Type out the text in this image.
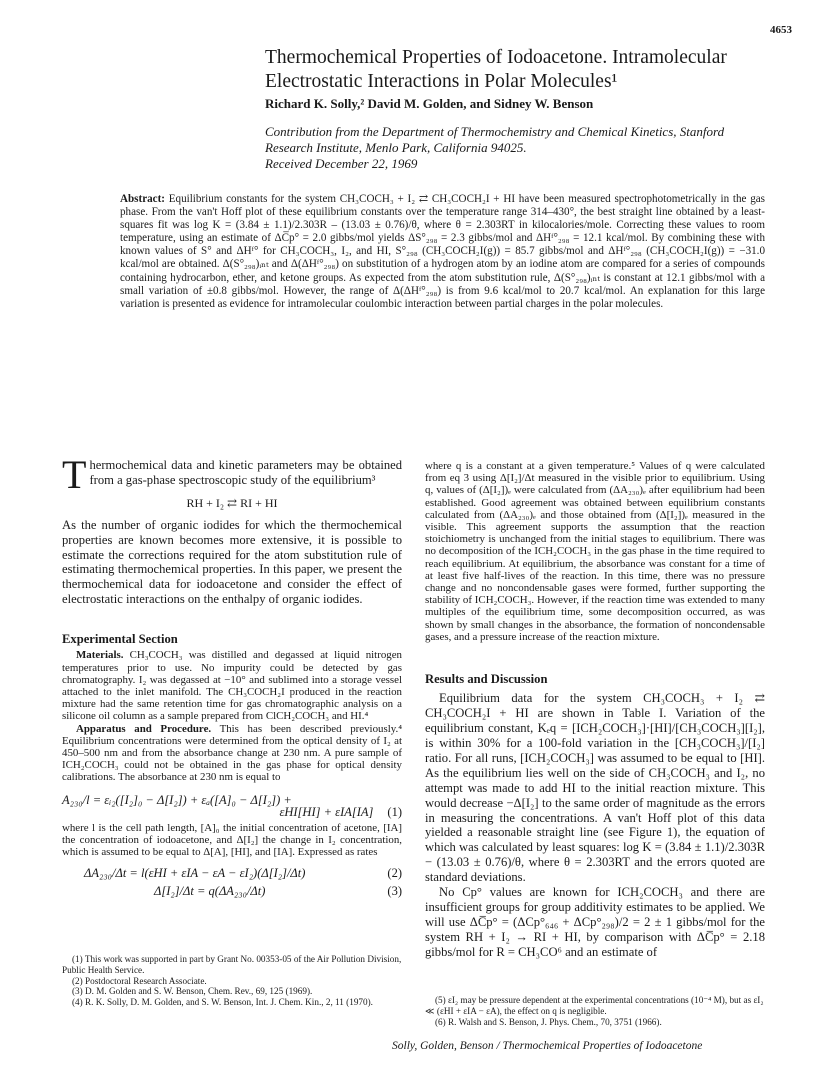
4653
Thermochemical Properties of Iodoacetone. Intramolecular Electrostatic Interactions in Polar Molecules¹
Richard K. Solly,² David M. Golden, and Sidney W. Benson
Contribution from the Department of Thermochemistry and Chemical Kinetics, Stanford Research Institute, Menlo Park, California 94025.
Received December 22, 1969
Abstract: Equilibrium constants for the system CH₃COCH₃ + I₂ ⇄ CH₃COCH₂I + HI have been measured spectrophotometrically in the gas phase. From the van't Hoff plot of these equilibrium constants over the temperature range 314–430°, the best straight line obtained by a least-squares fit was log K = (3.84 ± 1.1)/2.303R – (13.03 ± 0.76)/θ, where θ = 2.303RT in kilocalories/mole. Correcting these values to room temperature, using an estimate of ΔC̅p° = 2.0 gibbs/mol yields ΔS°₂₉₈ = 2.3 gibbs/mol and ΔHᶠ°₂₉₈ = 12.1 kcal/mol. By combining these with known values of S° and ΔHᶠ° for CH₃COCH₃, I₂, and HI, S°₂₉₈ (CH₃COCH₂I(g)) = 85.7 gibbs/mol and ΔHᶠ°₂₉₈ (CH₃COCH₂I(g)) = −31.0 kcal/mol are obtained. Δ(S°₂₉₈)ᵢₙₜ and Δ(ΔHᶠ°₂₉₈) on substitution of a hydrogen atom by an iodine atom are compared for a series of compounds containing hydrocarbon, ether, and ketone groups. As expected from the atom substitution rule, Δ(S°₂₉₈)ᵢₙₜ is constant at 12.1 gibbs/mol with a small variation of ±0.8 gibbs/mol. However, the range of Δ(ΔHᶠ°₂₉₈) is from 9.6 kcal/mol to 20.7 kcal/mol. An explanation for this large variation is presented as evidence for intramolecular coulombic interaction between partial charges in the polar molecules.
T hermochemical data and kinetic parameters may be obtained from a gas-phase spectroscopic study of the equilibrium³
RH + I₂ ⇄ RI + HI

As the number of organic iodides for which the thermochemical properties are known becomes more extensive, it is possible to estimate the corrections required for the atom substitution rule of estimating thermochemical properties. In this paper, we present the thermochemical data for iodoacetone and consider the effect of electrostatic interactions on the enthalpy of organic iodides.

Experimental Section

Materials. CH₃COCH₃ was distilled and degassed at liquid nitrogen temperatures prior to use. No impurity could be detected by gas chromatography. I₂ was degassed at −10° and sublimed into a storage vessel attached to the inlet manifold. The CH₃COCH₂I produced in the reaction mixture had the same retention time for gas chromatographic analysis on a silicone oil column as a sample prepared from ClCH₂COCH₃ and HI.⁴

Apparatus and Procedure. This has been described previously.⁴ Equilibrium concentrations were determined from the optical density of I₂ at 450–500 nm and from the absorbance change at 230 nm. A pure sample of ICH₂COCH₃ could not be obtained in the gas phase for optical density calibrations. The absorbance at 230 nm is equal to

A₂₃₀/l = εᵢ₂([I₂]₀ − Δ[I₂]) + εₐ([A]₀ − Δ[I₂]) +
εHI[HI] + εIA[IA] (1)

where l is the cell path length, [A]₀ the initial concentration of acetone, [IA] the concentration of iodoacetone, and Δ[I₂] the change in I₂ concentration, which is assumed to be equal to Δ[A], [HI], and [IA]. Expressed as rates

ΔA₂₃₀/Δt = l(εHI + εIA − εA − εI₂)(Δ[I₂]/Δt)	(2)
Δ[I₂]/Δt = q(ΔA₂₃₀/Δt)	(3)
(1) This work was supported in part by Grant No. 00353-05 of the Air Pollution Division, Public Health Service.
(2) Postdoctoral Research Associate.
(3) D. M. Golden and S. W. Benson, Chem. Rev., 69, 125 (1969).
(4) R. K. Solly, D. M. Golden, and S. W. Benson, Int. J. Chem. Kin., 2, 11 (1970).

where q is a constant at a given temperature.⁵ Values of q were calculated from eq 3 using Δ[I₂]/Δt measured in the visible prior to equilibrium. Using q, values of (Δ[I₂])ₑ were calculated from (ΔA₂₃₀)ₑ after equilibrium had been established. Good agreement was obtained between equilibrium constants calculated from (ΔA₂₃₀)ₑ and those obtained from (Δ[I₂])ₑ measured in the visible. This agreement supports the assumption that the reaction stoichiometry is unchanged from the initial stages to equilibrium. There was no decomposition of the ICH₂COCH₃ in the gas phase in the time required to reach equilibrium. At equilibrium, the absorbance was constant for a time of at least five half-lives of the reaction. In this time, there was no pressure change and no noncondensable gases were formed, further supporting the stability of ICH₂COCH₃. However, if the reaction time was extended to many multiples of the equilibrium time, some decomposition occurred, as was shown by small changes in the absorbance, the formation of noncondensable gases, and a pressure increase of the reaction mixture.

Results and Discussion

Equilibrium data for the system CH₃COCH₃ + I₂ ⇄ CH₃COCH₂I + HI are shown in Table I. Variation of the equilibrium constant, Kₑq = [ICH₂COCH₃]·[HI]/[CH₃COCH₃][I₂], is within 30% for a 100-fold variation in the [CH₃COCH₃]/[I₂] ratio. For all runs, [ICH₂COCH₃] was assumed to be equal to [HI]. As the equilibrium lies well on the side of CH₃COCH₃ and I₂, no attempt was made to add HI to the initial reaction mixture. This would decrease −Δ[I₂] to the same order of magnitude as the errors in measuring the concentrations. A van't Hoff plot of this data yielded a reasonable straight line (see Figure 1), the equation of which was calculated by least squares: log K = (3.84 ± 1.1)/2.303R − (13.03 ± 0.76)/θ, where θ = 2.303RT and the errors quoted are standard deviations.

No Cp° values are known for ICH₂COCH₃ and there are insufficient groups for group additivity estimates to be applied. We will use ΔC̅p° = (ΔCp°₆₄₆ + ΔCp°₂₉₈)/2 = 2 ± 1 gibbs/mol for the system RH + I₂ → RI + HI, by comparison with ΔC̅p° = 2.18 gibbs/mol for R = CH₃CO⁶ and an estimate of

(5) εI₂ may be pressure dependent at the experimental concentrations (10⁻⁴ M), but as εI₂ ≪ (εHI + εIA − εA), the effect on q is negligible.
(6) R. Walsh and S. Benson, J. Phys. Chem., 70, 3751 (1966).
Solly, Golden, Benson / Thermochemical Properties of Iodoacetone
